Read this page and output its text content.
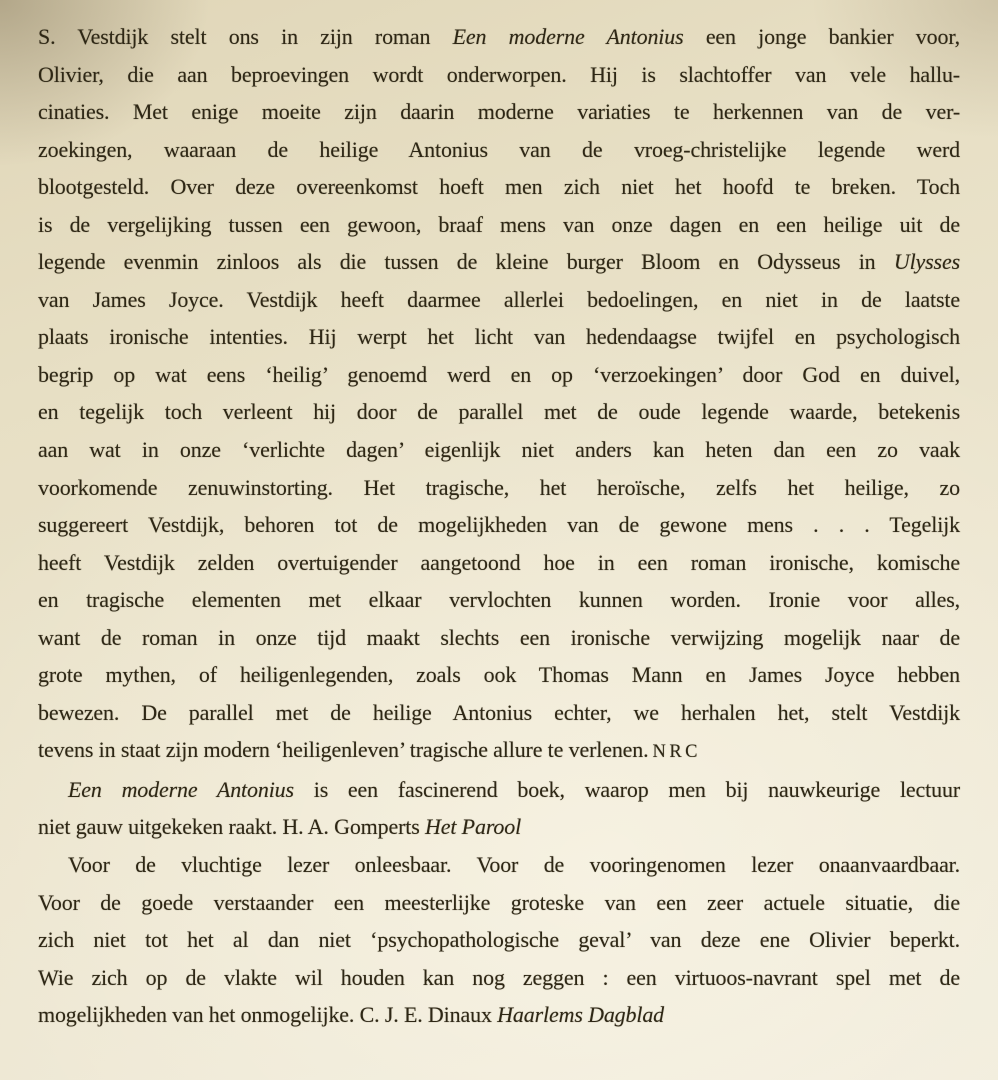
S. Vestdijk stelt ons in zijn roman Een moderne Antonius een jonge bankier voor,
Olivier, die aan beproevingen wordt onderworpen. Hij is slachtoffer van vele hallu-
cinaties. Met enige moeite zijn daarin moderne variaties te herkennen van de ver-
zoekingen, waaraan de heilige Antonius van de vroeg-christelijke legende werd
blootgesteld. Over deze overeenkomst hoeft men zich niet het hoofd te breken. Toch
is de vergelijking tussen een gewoon, braaf mens van onze dagen en een heilige uit de
legende evenmin zinloos als die tussen de kleine burger Bloom en Odysseus in Ulysses
van James Joyce. Vestdijk heeft daarmee allerlei bedoelingen, en niet in de laatste
plaats ironische intenties. Hij werpt het licht van hedendaagse twijfel en psychologisch
begrip op wat eens ‘heilig’ genoemd werd en op ‘verzoekingen’ door God en duivel,
en tegelijk toch verleent hij door de parallel met de oude legende waarde, betekenis
aan wat in onze ‘verlichte dagen’ eigenlijk niet anders kan heten dan een zo vaak
voorkomende zenuwinstorting. Het tragische, het heroïsche, zelfs het heilige, zo
suggereert Vestdijk, behoren tot de mogelijkheden van de gewone mens . . . Tegelijk
heeft Vestdijk zelden overtuigender aangetoond hoe in een roman ironische, komische
en tragische elementen met elkaar vervlochten kunnen worden. Ironie voor alles,
want de roman in onze tijd maakt slechts een ironische verwijzing mogelijk naar de
grote mythen, of heiligenlegenden, zoals ook Thomas Mann en James Joyce hebben
bewezen. De parallel met de heilige Antonius echter, we herhalen het, stelt Vestdijk
tevens in staat zijn modern ‘heiligenleven’ tragische allure te verlenen. NRC
Een moderne Antonius is een fascinerend boek, waarop men bij nauwkeurige lectuur
niet gauw uitgekeken raakt. H. A. Gomperts Het Parool
Voor de vluchtige lezer onleesbaar. Voor de vooringenomen lezer onaanvaardbaar.
Voor de goede verstaander een meesterlijke groteske van een zeer actuele situatie, die
zich niet tot het al dan niet ‘psychopathologische geval’ van deze ene Olivier beperkt.
Wie zich op de vlakte wil houden kan nog zeggen : een virtuoos-navrant spel met de
mogelijkheden van het onmogelijke. C. J. E. Dinaux Haarlems Dagblad
